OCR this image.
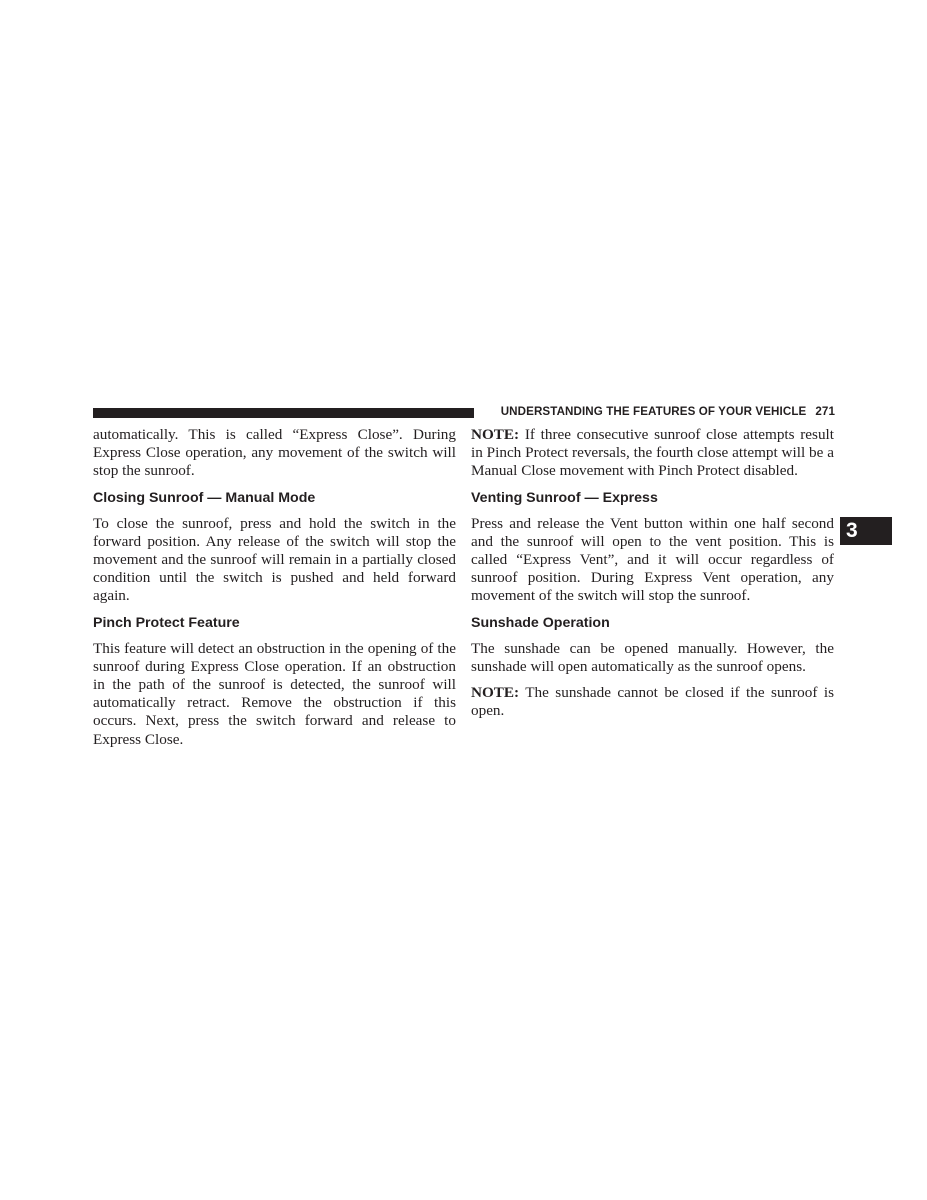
UNDERSTANDING THE FEATURES OF YOUR VEHICLE 271

automatically. This is called “Express Close”. During Express Close operation, any movement of the switch will stop the sunroof.

Closing Sunroof — Manual Mode

To close the sunroof, press and hold the switch in the forward position. Any release of the switch will stop the movement and the sunroof will remain in a partially closed condition until the switch is pushed and held forward again.

Pinch Protect Feature

This feature will detect an obstruction in the opening of the sunroof during Express Close operation. If an obstruction in the path of the sunroof is detected, the sunroof will automatically retract. Remove the obstruction if this occurs. Next, press the switch forward and release to Express Close.

NOTE: If three consecutive sunroof close attempts result in Pinch Protect reversals, the fourth close attempt will be a Manual Close movement with Pinch Protect disabled.

Venting Sunroof — Express

Press and release the Vent button within one half second and the sunroof will open to the vent position. This is called “Express Vent”, and it will occur regardless of sunroof position. During Express Vent operation, any movement of the switch will stop the sunroof.

Sunshade Operation

The sunshade can be opened manually. However, the sunshade will open automatically as the sunroof opens.

NOTE: The sunshade cannot be closed if the sunroof is open.

3
